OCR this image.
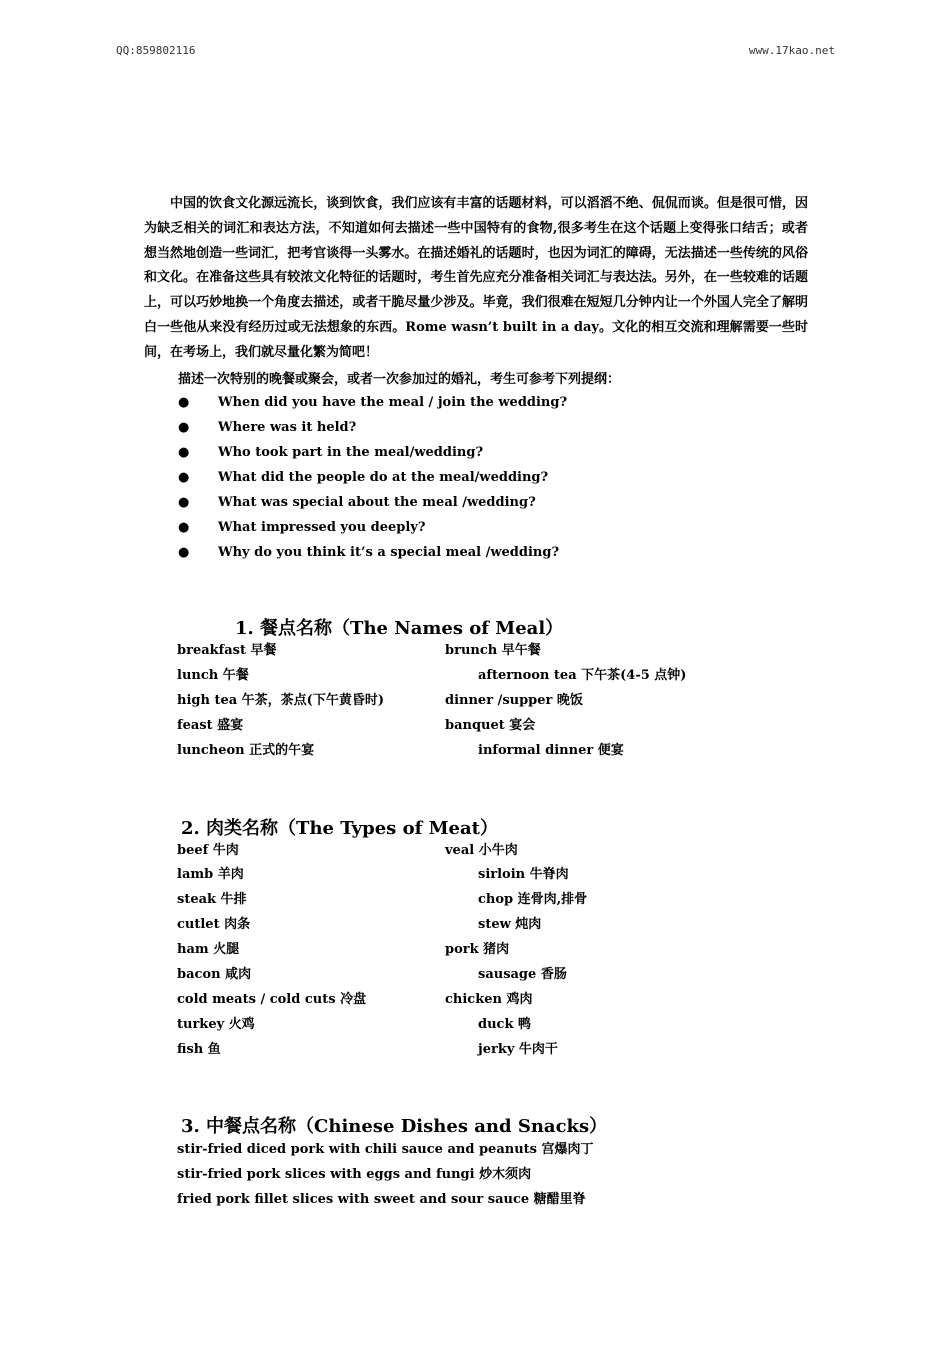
QQ:859802116	www.17kao.net

中国的饮食文化源远流长，谈到饮食，我们应该有丰富的话题材料，可以滔滔不绝、侃侃而谈。但是很可惜，因为缺乏相关的词汇和表达方法，不知道如何去描述一些中国特有的食物,很多考生在这个话题上变得张口结舌；或者想当然地创造一些词汇，把考官谈得一头雾水。在描述婚礼的话题时，也因为词汇的障碍，无法描述一些传统的风俗和文化。在准备这些具有较浓文化特征的话题时，考生首先应充分准备相关词汇与表达法。另外，在一些较难的话题上，可以巧妙地换一个角度去描述，或者干脆尽量少涉及。毕竟，我们很难在短短几分钟内让一个外国人完全了解明白一些他从来没有经历过或无法想象的东西。Rome wasn’t built in a day。文化的相互交流和理解需要一些时间，在考场上，我们就尽量化繁为简吧！

描述一次特别的晚餐或聚会，或者一次参加过的婚礼，考生可参考下列提纲：
● When did you have the meal / join the wedding?
● Where was it held?
● Who took part in the meal/wedding?
● What did the people do at the meal/wedding?
● What was special about the meal /wedding?
● What impressed you deeply?
● Why do you think it’s a special meal /wedding?
1. 餐点名称（The Names of Meal）
breakfast 早餐	brunch 早午餐
lunch 午餐	afternoon tea 下午茶(4-5 点钟)
high tea 午茶，茶点(下午黄昏时)	dinner /supper 晚饭
feast 盛宴	banquet 宴会
luncheon 正式的午宴	informal dinner 便宴
2. 肉类名称（The Types of Meat）
beef 牛肉	veal 小牛肉
lamb 羊肉	sirloin 牛脊肉
steak 牛排	chop 连骨肉,排骨
cutlet 肉条	stew 炖肉
ham 火腿	pork 猪肉
bacon 咸肉	sausage 香肠
cold meats / cold cuts 冷盘	chicken 鸡肉
turkey 火鸡	duck 鸭
fish 鱼	jerky 牛肉干
3. 中餐点名称（Chinese Dishes and Snacks）
stir-fried diced pork with chili sauce and peanuts 宫爆肉丁
stir-fried pork slices with eggs and fungi 炒木须肉
fried pork fillet slices with sweet and sour sauce 糖醋里脊
